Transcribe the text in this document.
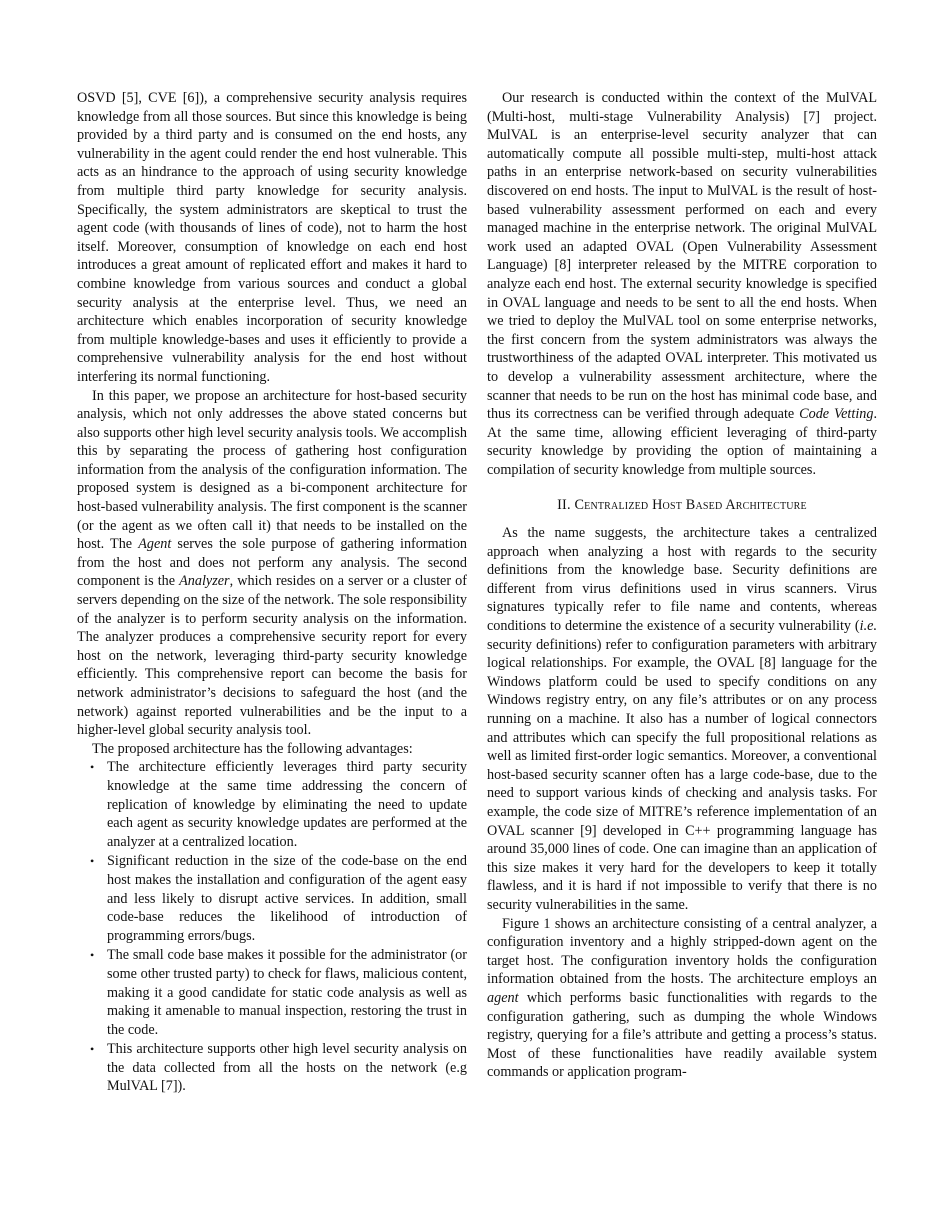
OSVD [5], CVE [6]), a comprehensive security analysis requires knowledge from all those sources. But since this knowledge is being provided by a third party and is consumed on the end hosts, any vulnerability in the agent could render the end host vulnerable. This acts as an hindrance to the approach of using security knowledge from multiple third party knowledge for security analysis. Specifically, the system administrators are skeptical to trust the agent code (with thousands of lines of code), not to harm the host itself. Moreover, consumption of knowledge on each end host introduces a great amount of replicated effort and makes it hard to combine knowledge from various sources and conduct a global security analysis at the enterprise level. Thus, we need an architecture which enables incorporation of security knowledge from multiple knowledge-bases and uses it efficiently to provide a comprehensive vulnerability analysis for the end host without interfering its normal functioning.

In this paper, we propose an architecture for host-based security analysis, which not only addresses the above stated concerns but also supports other high level security analysis tools. We accomplish this by separating the process of gathering host configuration information from the analysis of the configuration information. The proposed system is designed as a bi-component architecture for host-based vulnerability analysis. The first component is the scanner (or the agent as we often call it) that needs to be installed on the host. The Agent serves the sole purpose of gathering information from the host and does not perform any analysis. The second component is the Analyzer, which resides on a server or a cluster of servers depending on the size of the network. The sole responsibility of the analyzer is to perform security analysis on the information. The analyzer produces a comprehensive security report for every host on the network, leveraging third-party security knowledge efficiently. This comprehensive report can become the basis for network administrator’s decisions to safeguard the host (and the network) against reported vulnerabilities and be the input to a higher-level global security analysis tool.

The proposed architecture has the following advantages:

• The architecture efficiently leverages third party security knowledge at the same time addressing the concern of replication of knowledge by eliminating the need to update each agent as security knowledge updates are performed at the analyzer at a centralized location.
• Significant reduction in the size of the code-base on the end host makes the installation and configuration of the agent easy and less likely to disrupt active services. In addition, small code-base reduces the likelihood of introduction of programming errors/bugs.
• The small code base makes it possible for the administrator (or some other trusted party) to check for flaws, malicious content, making it a good candidate for static code analysis as well as making it amenable to manual inspection, restoring the trust in the code.
• This architecture supports other high level security analysis on the data collected from all the hosts on the network (e.g MulVAL [7]).

Our research is conducted within the context of the MulVAL (Multi-host, multi-stage Vulnerability Analysis) [7] project. MulVAL is an enterprise-level security analyzer that can automatically compute all possible multi-step, multi-host attack paths in an enterprise network-based on security vulnerabilities discovered on end hosts. The input to MulVAL is the result of host-based vulnerability assessment performed on each and every managed machine in the enterprise network. The original MulVAL work used an adapted OVAL (Open Vulnerability Assessment Language) [8] interpreter released by the MITRE corporation to analyze each end host. The external security knowledge is specified in OVAL language and needs to be sent to all the end hosts. When we tried to deploy the MulVAL tool on some enterprise networks, the first concern from the system administrators was always the trustworthiness of the adapted OVAL interpreter. This motivated us to develop a vulnerability assessment architecture, where the scanner that needs to be run on the host has minimal code base, and thus its correctness can be verified through adequate Code Vetting. At the same time, allowing efficient leveraging of third-party security knowledge by providing the option of maintaining a compilation of security knowledge from multiple sources.

II. Centralized Host Based Architecture

As the name suggests, the architecture takes a centralized approach when analyzing a host with regards to the security definitions from the knowledge base. Security definitions are different from virus definitions used in virus scanners. Virus signatures typically refer to file name and contents, whereas conditions to determine the existence of a security vulnerability (i.e. security definitions) refer to configuration parameters with arbitrary logical relationships. For example, the OVAL [8] language for the Windows platform could be used to specify conditions on any Windows registry entry, on any file’s attributes or on any process running on a machine. It also has a number of logical connectors and attributes which can specify the full propositional relations as well as limited first-order logic semantics. Moreover, a conventional host-based security scanner often has a large code-base, due to the need to support various kinds of checking and analysis tasks. For example, the code size of MITRE’s reference implementation of an OVAL scanner [9] developed in C++ programming language has around 35,000 lines of code. One can imagine than an application of this size makes it very hard for the developers to keep it totally flawless, and it is hard if not impossible to verify that there is no security vulnerabilities in the same.

Figure 1 shows an architecture consisting of a central analyzer, a configuration inventory and a highly stripped-down agent on the target host. The configuration inventory holds the configuration information obtained from the hosts. The architecture employs an agent which performs basic functionalities with regards to the configuration gathering, such as dumping the whole Windows registry, querying for a file’s attribute and getting a process’s status. Most of these functionalities have readily available system commands or application program-
